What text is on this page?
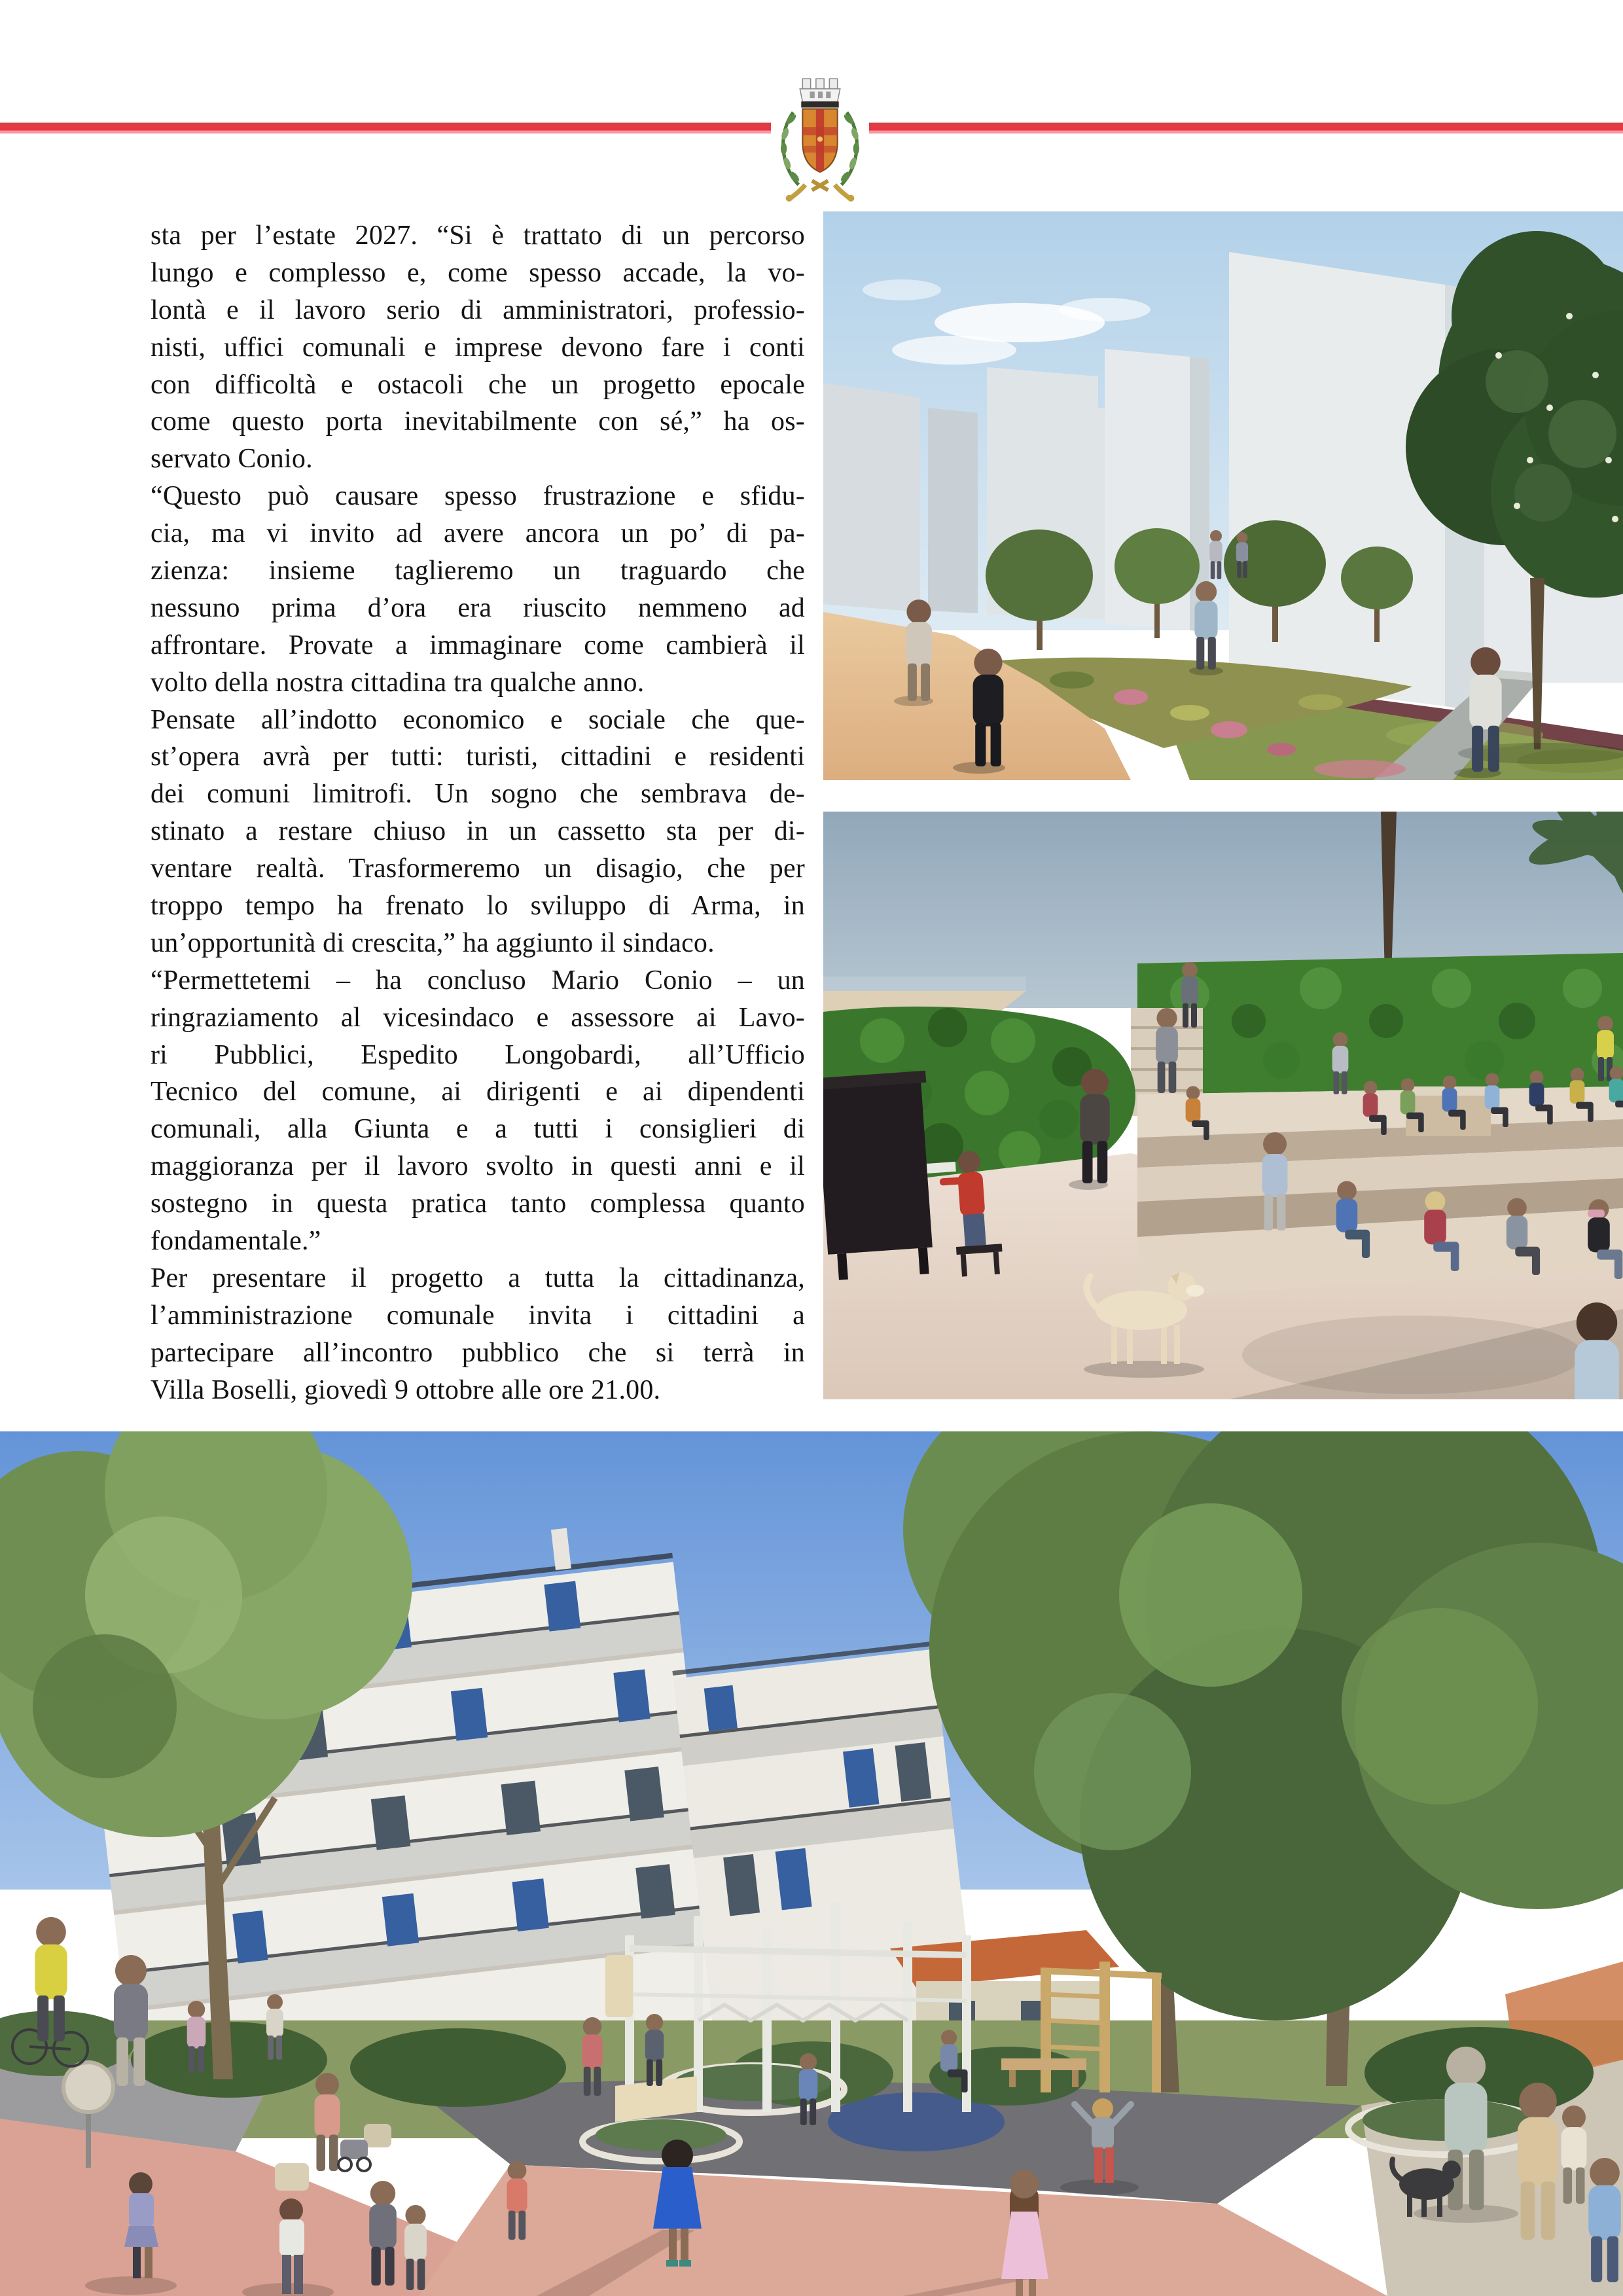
sta per l’estate 2027. “Si è trattato di un percorso
lungo e complesso e, come spesso accade, la vo-
lontà e il lavoro serio di amministratori, professio-
nisti, uffici comunali e imprese devono fare i conti
con difficoltà e ostacoli che un progetto epocale
come questo porta inevitabilmente con sé,” ha os-
servato Conio.
“Questo può causare spesso frustrazione e sfidu-
cia, ma vi invito ad avere ancora un po’ di pa-
zienza: insieme taglieremo un traguardo che
nessuno prima d’ora era riuscito nemmeno ad
affrontare. Provate a immaginare come cambierà il
volto della nostra cittadina tra qualche anno.
Pensate all’indotto economico e sociale che que-
st’opera avrà per tutti: turisti, cittadini e residenti
dei comuni limitrofi. Un sogno che sembrava de-
stinato a restare chiuso in un cassetto sta per di-
ventare realtà. Trasformeremo un disagio, che per
troppo tempo ha frenato lo sviluppo di Arma, in
un’opportunità di crescita,” ha aggiunto il sindaco.
“Permettetemi – ha concluso Mario Conio – un
ringraziamento al vicesindaco e assessore ai Lavo-
ri Pubblici, Espedito Longobardi, all’Ufficio
Tecnico del comune, ai dirigenti e ai dipendenti
comunali, alla Giunta e a tutti i consiglieri di
maggioranza per il lavoro svolto in questi anni e il
sostegno in questa pratica tanto complessa quanto
fondamentale.”
Per presentare il progetto a tutta la cittadinanza,
l’amministrazione comunale invita i cittadini a
partecipare all’incontro pubblico che si terrà in
Villa Boselli, giovedì 9 ottobre alle ore 21.00.
